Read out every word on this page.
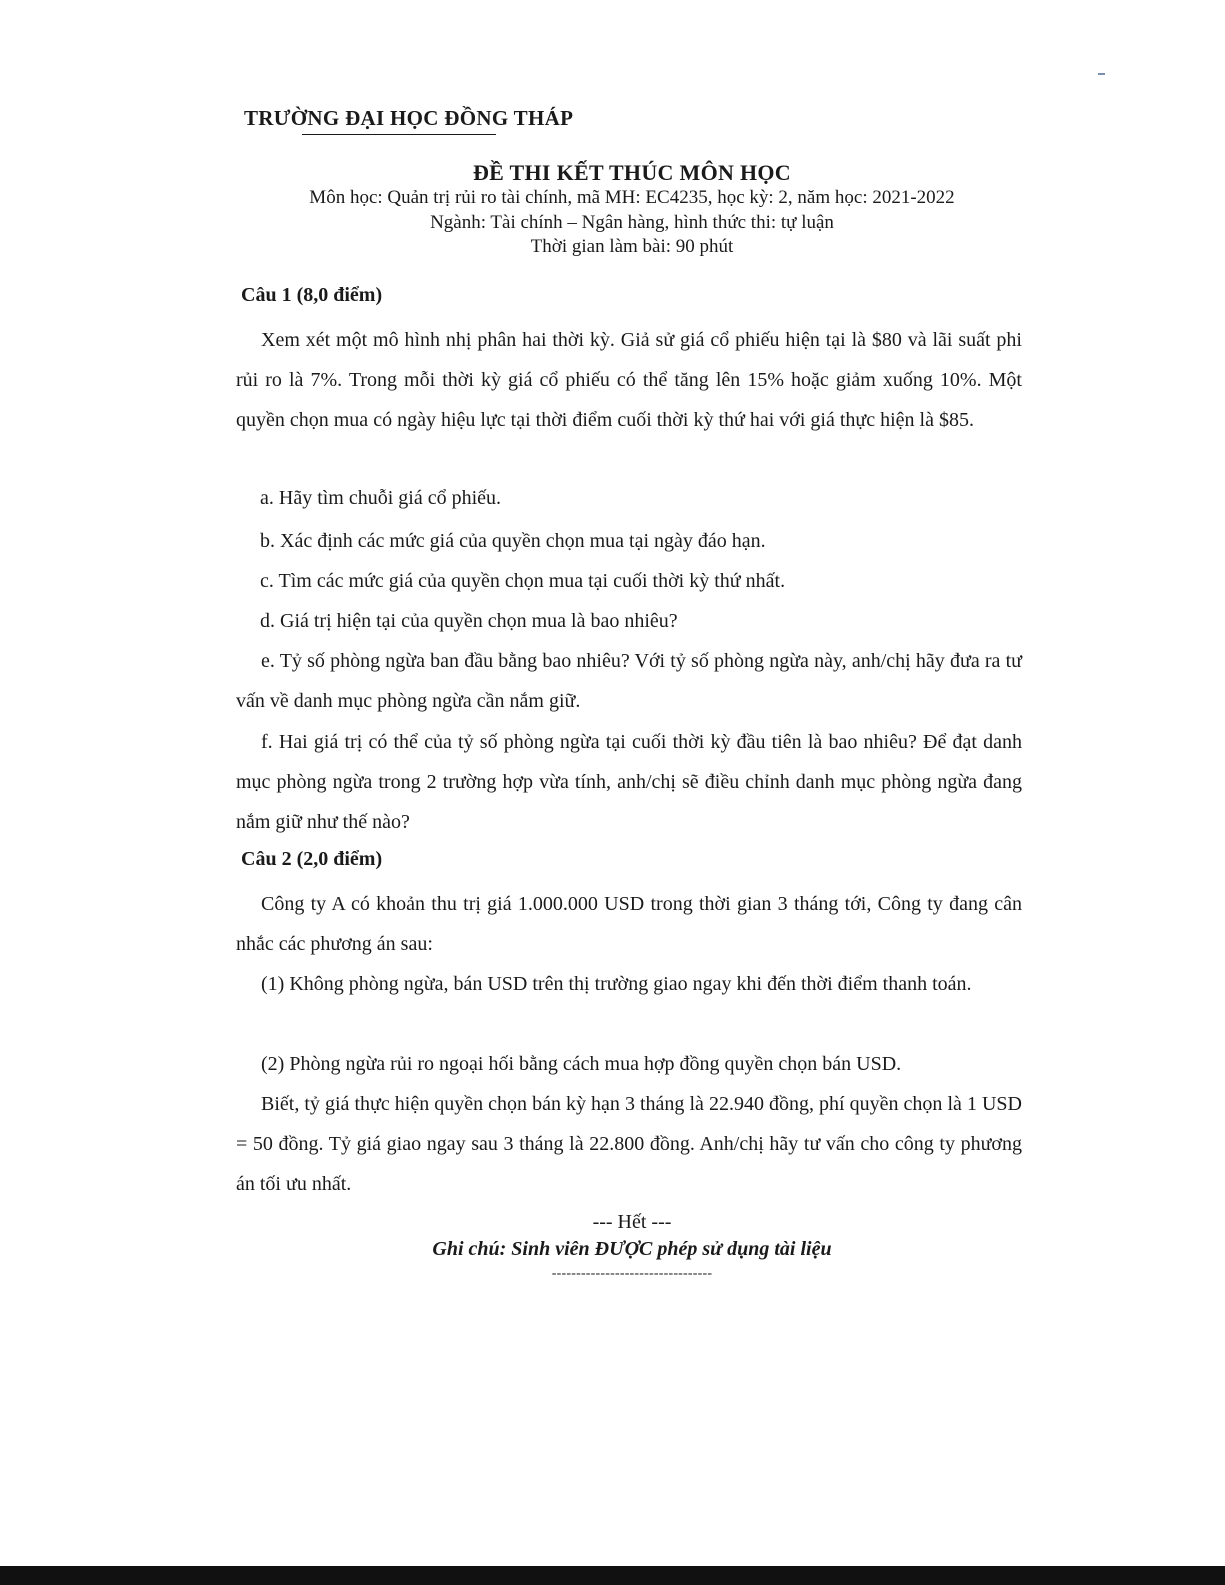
TRƯỜNG ĐẠI HỌC ĐỒNG THÁP
ĐỀ THI KẾT THÚC MÔN HỌC
Môn học: Quản trị rủi ro tài chính, mã MH: EC4235, học kỳ: 2, năm học: 2021-2022
Ngành: Tài chính – Ngân hàng, hình thức thi: tự luận
Thời gian làm bài: 90 phút
Câu 1 (8,0 điểm)
Xem xét một mô hình nhị phân hai thời kỳ. Giả sử giá cổ phiếu hiện tại là $80 và lãi suất phi rủi ro là 7%. Trong mỗi thời kỳ giá cổ phiếu có thể tăng lên 15% hoặc giảm xuống 10%. Một quyền chọn mua có ngày hiệu lực tại thời điểm cuối thời kỳ thứ hai với giá thực hiện là $85.
a. Hãy tìm chuỗi giá cổ phiếu.
b. Xác định các mức giá của quyền chọn mua tại ngày đáo hạn.
c. Tìm các mức giá của quyền chọn mua tại cuối thời kỳ thứ nhất.
d. Giá trị hiện tại của quyền chọn mua là bao nhiêu?
e. Tỷ số phòng ngừa ban đầu bằng bao nhiêu? Với tỷ số phòng ngừa này, anh/chị hãy đưa ra tư vấn về danh mục phòng ngừa cần nắm giữ.
f. Hai giá trị có thể của tỷ số phòng ngừa tại cuối thời kỳ đầu tiên là bao nhiêu? Để đạt danh mục phòng ngừa trong 2 trường hợp vừa tính, anh/chị sẽ điều chỉnh danh mục phòng ngừa đang nắm giữ như thế nào?
Câu 2 (2,0 điểm)
Công ty A có khoản thu trị giá 1.000.000 USD trong thời gian 3 tháng tới, Công ty đang cân nhắc các phương án sau:
(1) Không phòng ngừa, bán USD trên thị trường giao ngay khi đến thời điểm thanh toán.
(2) Phòng ngừa rủi ro ngoại hối bằng cách mua hợp đồng quyền chọn bán USD.
Biết, tỷ giá thực hiện quyền chọn bán kỳ hạn 3 tháng là 22.940 đồng, phí quyền chọn là 1 USD = 50 đồng. Tỷ giá giao ngay sau 3 tháng là 22.800 đồng. Anh/chị hãy tư vấn cho công ty phương án tối ưu nhất.
--- Hết ---
Ghi chú: Sinh viên ĐƯỢC phép sử dụng tài liệu
---------------------------------
